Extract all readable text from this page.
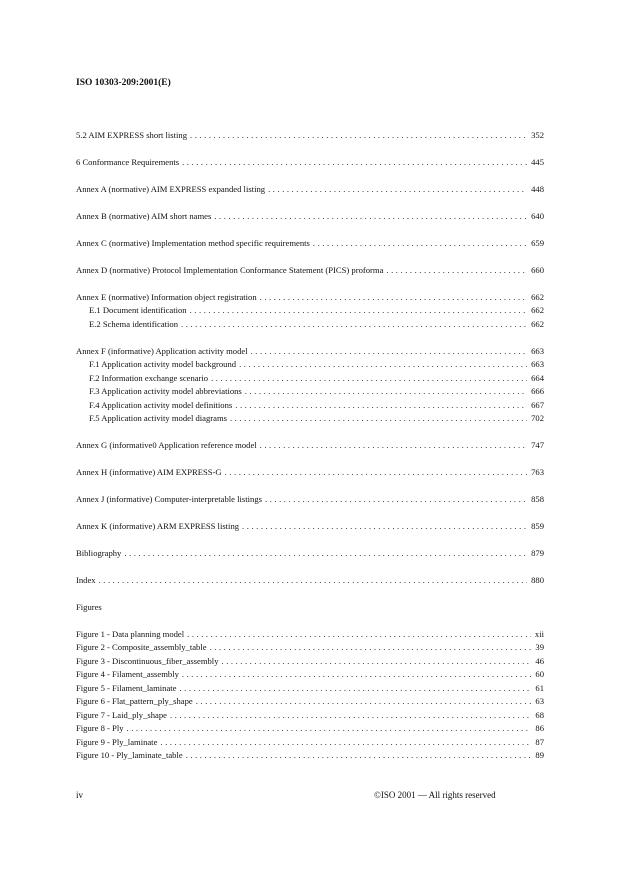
ISO 10303-209:2001(E)
5.2 AIM EXPRESS short listing . . .	352
6 Conformance Requirements . . .	445
Annex A (normative) AIM EXPRESS expanded listing . . .	448
Annex B (normative) AIM short names . . .	640
Annex C (normative) Implementation method specific requirements . . .	659
Annex D (normative) Protocol Implementation Conformance Statement (PICS) proforma . . .	660
Annex E (normative) Information object registration . . .	662
E.1 Document identification . . .	662
E.2 Schema identification . . .	662
Annex F (informative) Application activity model . . .	663
F.1 Application activity model background . . .	663
F.2 Information exchange scenario . . .	664
F.3 Application activity model abbreviations . . .	666
F.4 Application activity model definitions . . .	667
F.5 Application activity model diagrams . . .	702
Annex G (informative0 Application reference model . . .	747
Annex H (informative) AIM EXPRESS-G . . .	763
Annex J (informative) Computer-interpretable listings . . .	858
Annex K (informative) ARM EXPRESS listing . . .	859
Bibliography . . .	879
Index . . .	880
Figure 1 - Data planning model . . .	xii
Figure 2 - Composite_assembly_table . . .	39
Figure 3 - Discontinuous_fiber_assembly . . .	46
Figure 4 - Filament_assembly . . .	60
Figure 5 - Filament_laminate . . .	61
Figure 6 - Flat_pattern_ply_shape . . .	63
Figure 7 - Laid_ply_shape . . .	68
Figure 8 - Ply . . .	86
Figure 9 - Ply_laminate . . .	87
Figure 10 - Ply_laminate_table . . .	89
Figures
iv	©ISO 2001 — All rights reserved
